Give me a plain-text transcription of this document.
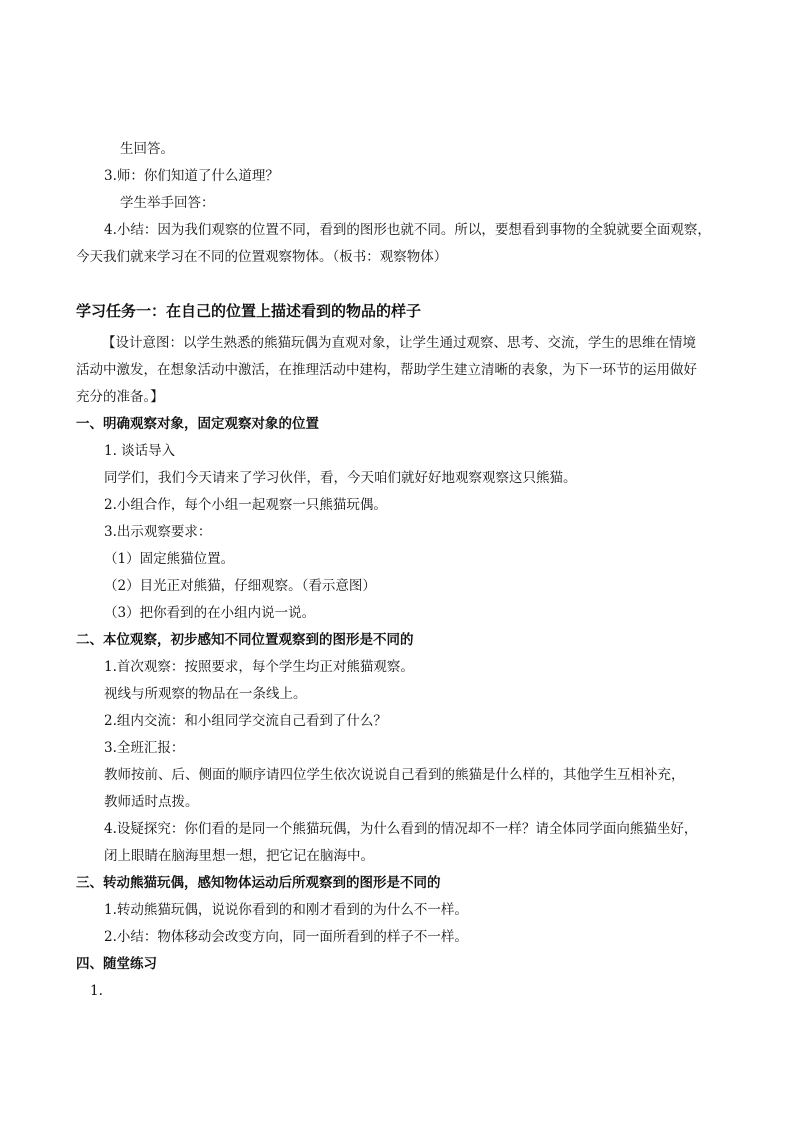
生回答。
3.师：你们知道了什么道理？
学生举手回答：
4.小结：因为我们观察的位置不同，看到的图形也就不同。所以，要想看到事物的全貌就要全面观察，
今天我们就来学习在不同的位置观察物体。（板书：观察物体）
学习任务一：在自己的位置上描述看到的物品的样子
【设计意图：以学生熟悉的熊猫玩偶为直观对象，让学生通过观察、思考、交流，学生的思维在情境
活动中激发，在想象活动中激活，在推理活动中建构，帮助学生建立清晰的表象，为下一环节的运用做好
充分的准备。】
一、明确观察对象，固定观察对象的位置
1. 谈话导入
同学们，我们今天请来了学习伙伴，看，今天咱们就好好地观察观察这只熊猫。
2.小组合作，每个小组一起观察一只熊猫玩偶。
3.出示观察要求：
（1）固定熊猫位置。
（2）目光正对熊猫，仔细观察。（看示意图）
（3）把你看到的在小组内说一说。
二、本位观察，初步感知不同位置观察到的图形是不同的
1.首次观察：按照要求，每个学生均正对熊猫观察。
视线与所观察的物品在一条线上。
2.组内交流：和小组同学交流自己看到了什么？
3.全班汇报：
教师按前、后、侧面的顺序请四位学生依次说说自己看到的熊猫是什么样的，其他学生互相补充，
教师适时点拨。
4.设疑探究：你们看的是同一个熊猫玩偶，为什么看到的情况却不一样？请全体同学面向熊猫坐好，
闭上眼睛在脑海里想一想，把它记在脑海中。
三、转动熊猫玩偶，感知物体运动后所观察到的图形是不同的
1.转动熊猫玩偶，说说你看到的和刚才看到的为什么不一样。
2.小结：物体移动会改变方向，同一面所看到的样子不一样。
四、随堂练习
1.
